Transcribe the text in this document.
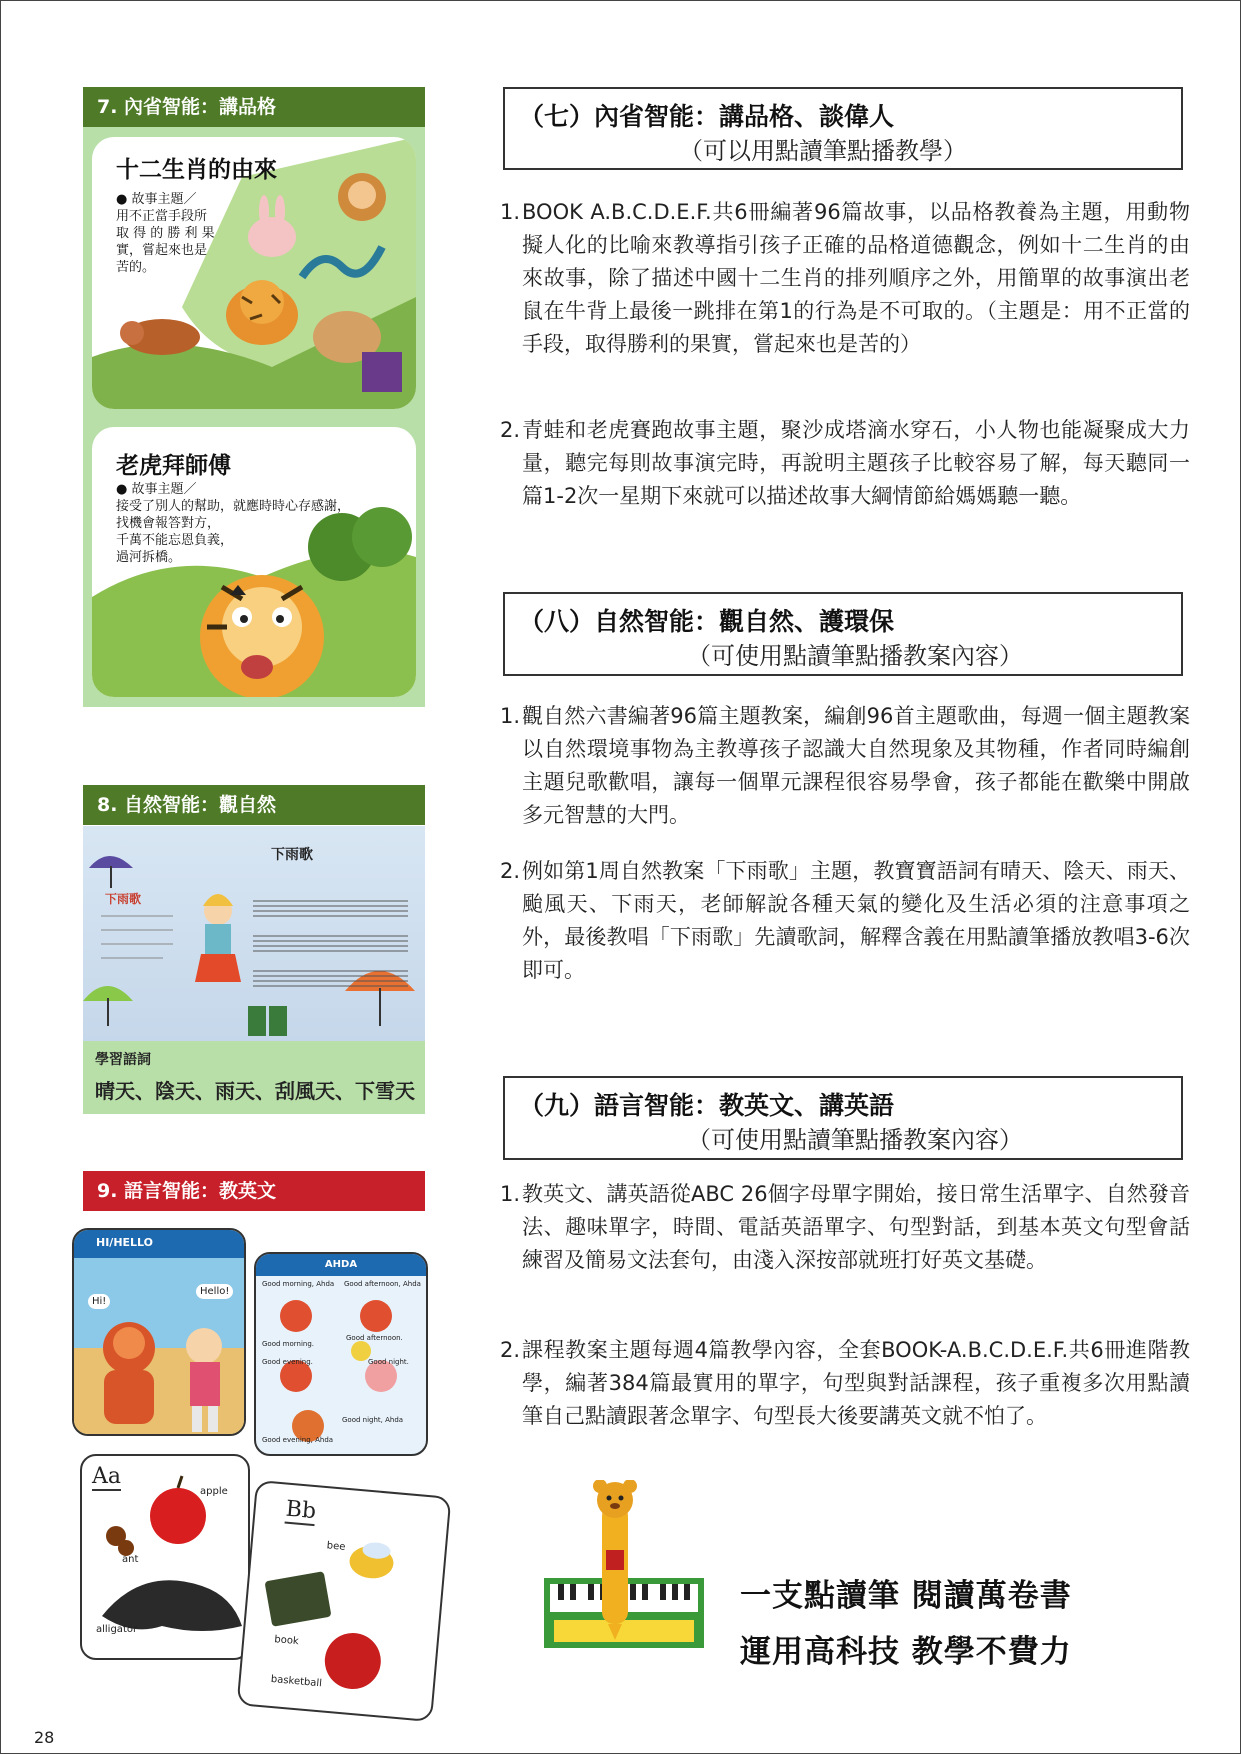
7. 內省智能：講品格
十二生肖的由來
● 故事主題／
用不正當手段所
取 得 的 勝 利 果
實，嘗起來也是
苦的。
老虎拜師傅
● 故事主題／
接受了別人的幫助，就應時時心存感謝，
找機會報答對方，
千萬不能忘恩負義，
過河拆橋。
8. 自然智能：觀自然
下雨歌
下雨歌
學習語詞
晴天、陰天、雨天、刮風天、下雪天
9. 語言智能：教英文
HI/HELLO
Hi!
Hello!
AHDA
Good morning, Ahda Good afternoon, Ahda
Good morning.
Good afternoon.
Good evening.	Good night.
Good night, Ahda
Good evening, Ahda
Aa
apple
ant
alligator
Bb
bee
book
basketball
（七）內省智能：講品格、談偉人
（可以用點讀筆點播教學）
1. BOOK A.B.C.D.E.F.共6冊編著96篇故事，以品格教養為主題，用動物擬人化的比喻來教導指引孩子正確的品格道德觀念，例如十二生肖的由來故事，除了描述中國十二生肖的排列順序之外，用簡單的故事演出老鼠在牛背上最後一跳排在第1的行為是不可取的。（主題是：用不正當的手段，取得勝利的果實，嘗起來也是苦的）
2. 青蛙和老虎賽跑故事主題，聚沙成塔滴水穿石，小人物也能凝聚成大力量，聽完每則故事演完時，再說明主題孩子比較容易了解，每天聽同一篇1-2次一星期下來就可以描述故事大綱情節給媽媽聽一聽。
（八）自然智能：觀自然、護環保
（可使用點讀筆點播教案內容）
1. 觀自然六書編著96篇主題教案，編創96首主題歌曲，每週一個主題教案以自然環境事物為主教導孩子認識大自然現象及其物種，作者同時編創主題兒歌歡唱，讓每一個單元課程很容易學會，孩子都能在歡樂中開啟多元智慧的大門。
2. 例如第1周自然教案「下雨歌」主題，教寶寶語詞有晴天、陰天、雨天、颱風天、下雨天，老師解說各種天氣的變化及生活必須的注意事項之外，最後教唱「下雨歌」先讀歌詞，解釋含義在用點讀筆播放教唱3-6次即可。
（九）語言智能：教英文、講英語
（可使用點讀筆點播教案內容）
1. 教英文、講英語從ABC 26個字母單字開始，接日常生活單字、自然發音法、趣味單字，時間、電話英語單字、句型對話，到基本英文句型會話練習及簡易文法套句，由淺入深按部就班打好英文基礎。
2. 課程教案主題每週4篇教學內容，全套BOOK-A.B.C.D.E.F.共6冊進階教學，編著384篇最實用的單字，句型與對話課程，孩子重複多次用點讀筆自己點讀跟著念單字、句型長大後要講英文就不怕了。
一支點讀筆 閱讀萬卷書
運用高科技 教學不費力
28
